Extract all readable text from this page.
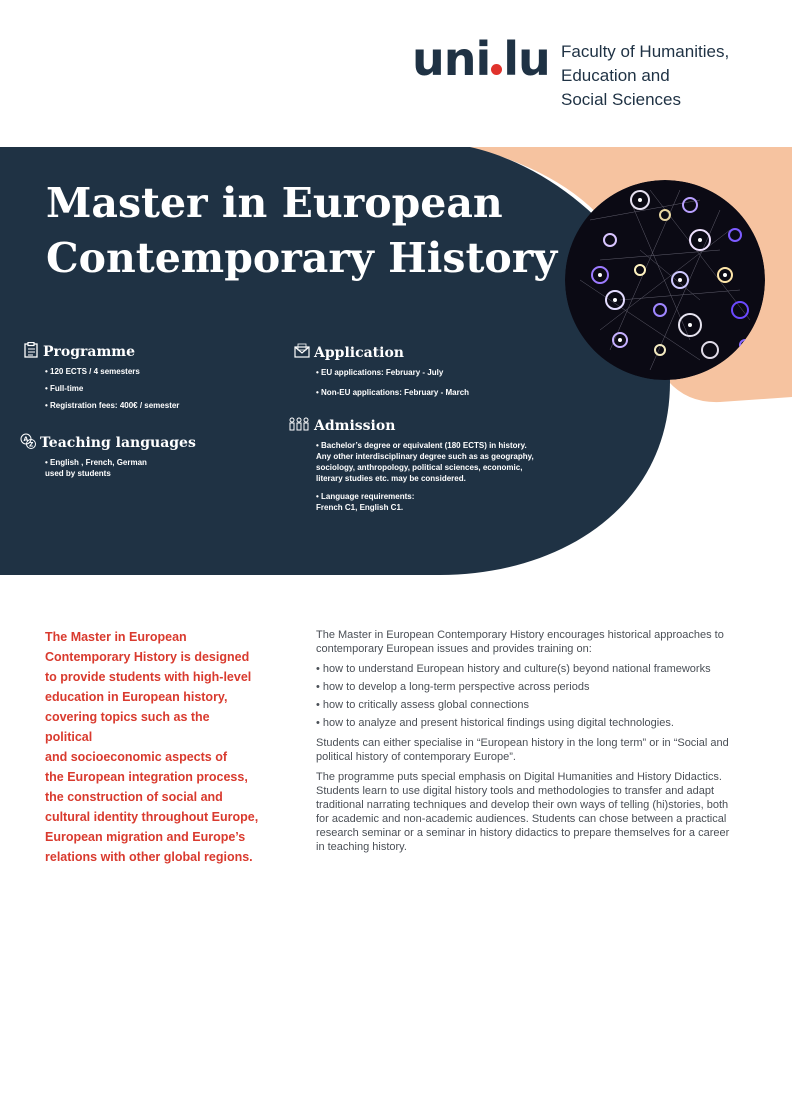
uni lu Faculty of Humanities,
Education and
Social Sciences
Master in European
Contemporary History
Programme
• 120 ECTS / 4 semesters
• Full-time
• Registration fees: 400€ / semester
A
Z Teaching languages
• English , French, German
used by students
Application
• EU applications: February - July
• Non-EU applications: February - March
Admission
• Bachelor’s degree or equivalent (180 ECTS) in history.
Any other interdisciplinary degree such as as geography,
sociology, anthropology, political sciences, economic,
literary studies etc. may be considered.
• Language requirements:
French C1, English C1.
The Master in European
Contemporary History is designed
to provide students with high-level
education in European history,
covering topics such as the political
and socioeconomic aspects of
the European integration process,
the construction of social and
cultural identity throughout Europe,
European migration and Europe’s
relations with other global regions.

The Master in European Contemporary History encourages historical approaches to contemporary European issues and provides training on:

• how to understand European history and culture(s) beyond national frameworks
• how to develop a long-term perspective across periods
• how to critically assess global connections
• how to analyze and present historical findings using digital technologies.

Students can either specialise in “European history in the long term” or in “Social and political history of contemporary Europe”.

The programme puts special emphasis on Digital Humanities and History Didactics. Students learn to use digital history tools and methodologies to transfer and adapt traditional narrating techniques and develop their own ways of telling (hi)stories, both for academic and non-academic audiences. Students can chose between a practical research seminar or a seminar in history didactics to prepare themselves for a career in teaching history.
